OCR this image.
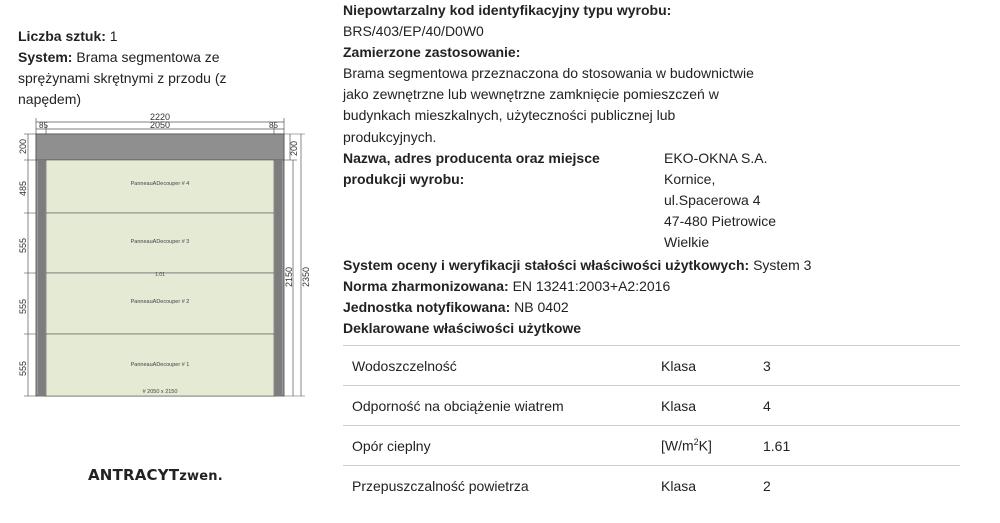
Liczba sztuk: 1
System: Brama segmentowa ze
sprężynami skrętnymi z przodu (z
napędem)
2220
2050
85	85
PanneauADecouper # 4
PanneauADecouper # 3
1.01
PanneauADecouper # 2
PanneauADecouper # 1
# 2050 x 2150
200
485
555
555
555
200
2150 2350
ANTRACYTzwen.
Niepowtarzalny kod identyfikacyjny typu wyrobu:
BRS/403/EP/40/D0W0
Zamierzone zastosowanie:
Brama segmentowa przeznaczona do stosowania w budownictwie
jako zewnętrzne lub wewnętrzne zamknięcie pomieszczeń w
budynkach mieszkalnych, użyteczności publicznej lub
produkcyjnych.
Nazwa, adres producenta oraz miejsce
produkcji wyrobu:
EKO-OKNA S.A.
Kornice,
ul.Spacerowa 4
47-480 Pietrowice
Wielkie
System oceny i weryfikacji stałości właściwości użytkowych: System 3
Norma zharmonizowana: EN 13241:2003+A2:2016
Jednostka notyfikowana: NB 0402
Deklarowane właściwości użytkowe
Wodoszczelność	Klasa	3
Odporność na obciążenie wiatrem	Klasa	4
Opór cieplny	$[W/m^2K]$	1.61
Przepuszczalność powietrza	Klasa	2
